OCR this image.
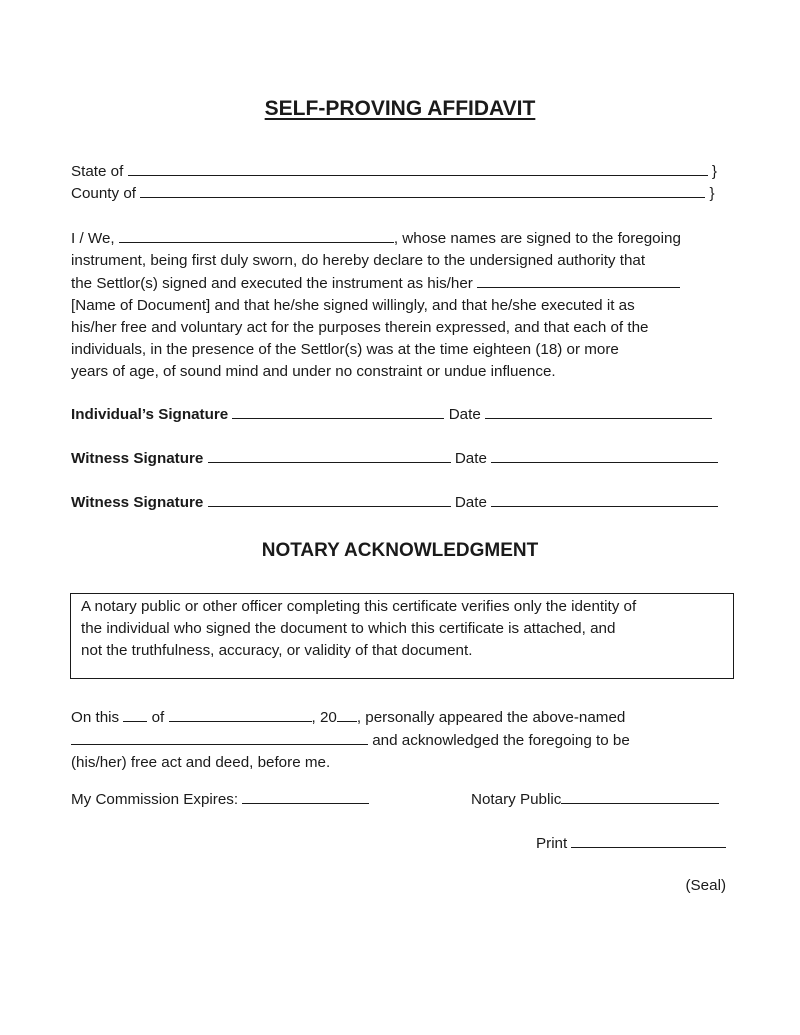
SELF-PROVING AFFIDAVIT
State of	}
County of	}
I / We,	, whose names are signed to the foregoing
instrument, being first duly sworn, do hereby declare to the undersigned authority that
the Settlor(s) signed and executed the instrument as his/her
[Name of Document] and that he/she signed willingly, and that he/she executed it as
his/her free and voluntary act for the purposes therein expressed, and that each of the
individuals, in the presence of the Settlor(s) was at the time eighteen (18) or more
years of age, of sound mind and under no constraint or undue influence.
Individual’s Signature	Date
Witness Signature	Date
Witness Signature	Date
NOTARY ACKNOWLEDGMENT
A notary public or other officer completing this certificate verifies only the identity of
the individual who signed the document to which this certificate is attached, and
not the truthfulness, accuracy, or validity of that document.
On this of	, 20 , personally appeared the above-named
and acknowledged the foregoing to be
(his/her) free act and deed, before me.
My Commission Expires:	Notary Public
Print
(Seal)
